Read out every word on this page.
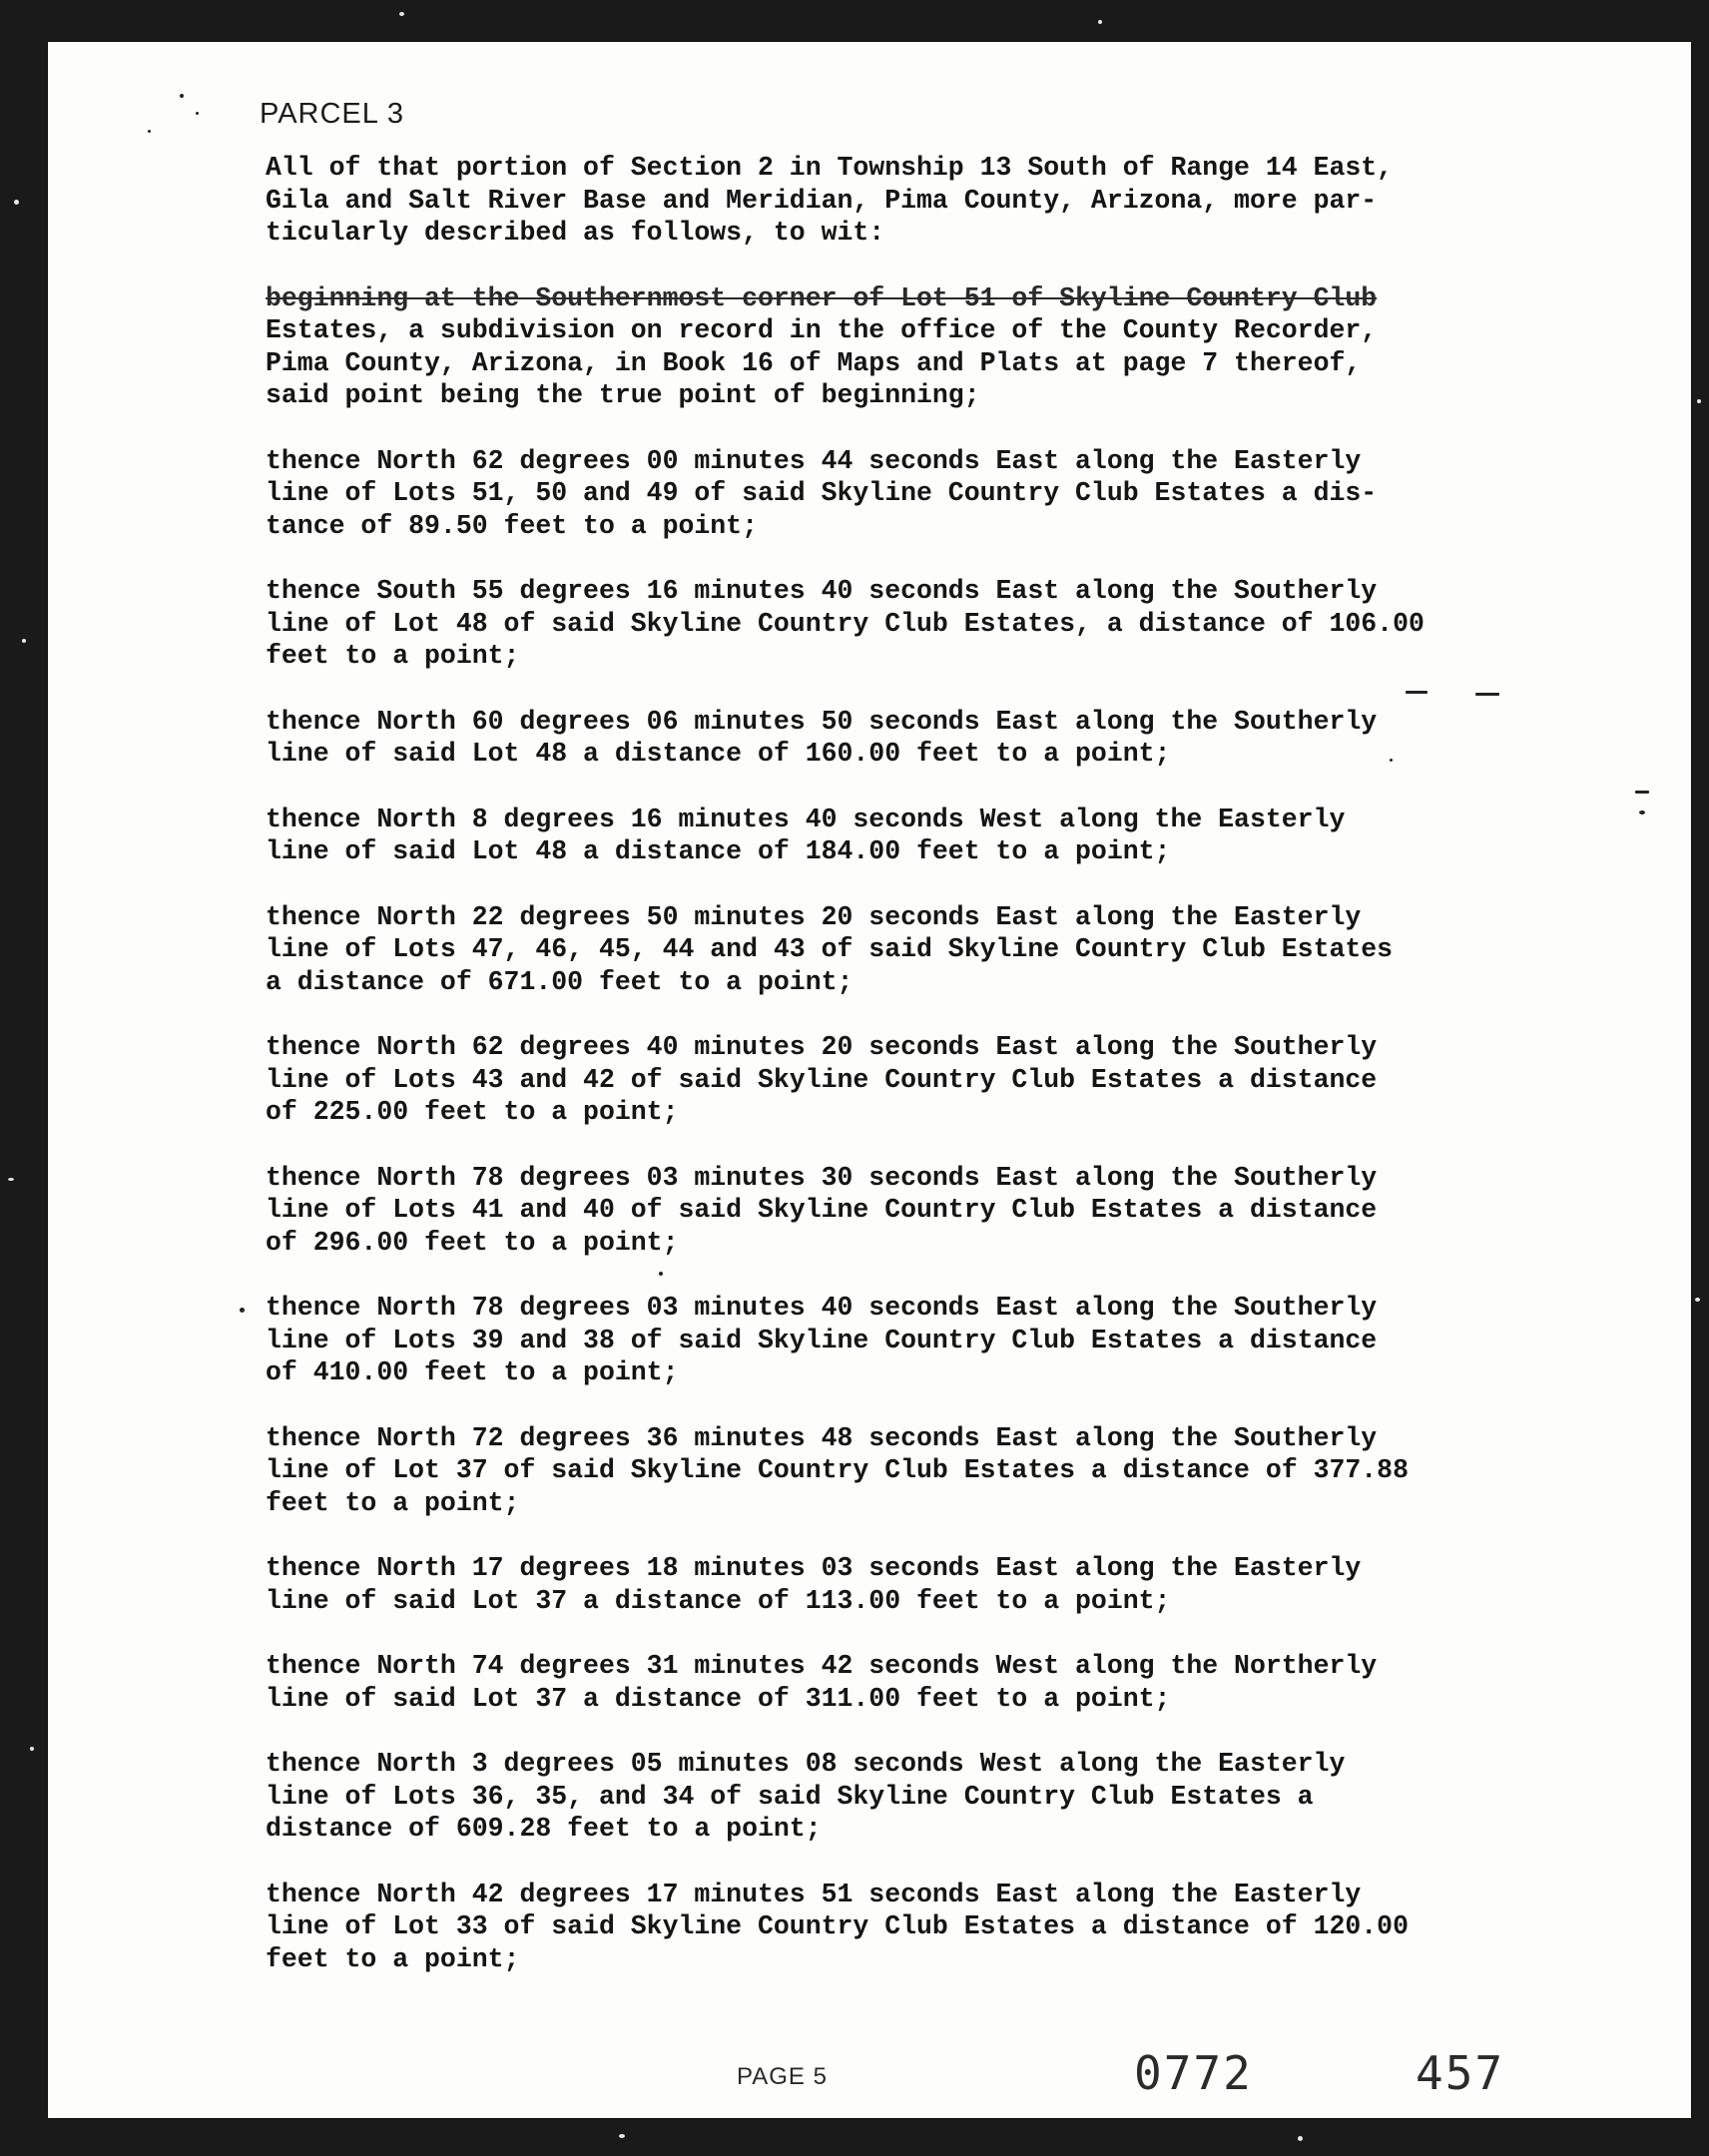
PARCEL 3

All of that portion of Section 2 in Township 13 South of Range 14 East,
Gila and Salt River Base and Meridian, Pima County, Arizona, more par-
ticularly described as follows, to wit:

beginning at the Southernmost corner of Lot 51 of Skyline Country Club
Estates, a subdivision on record in the office of the County Recorder,
Pima County, Arizona, in Book 16 of Maps and Plats at page 7 thereof,
said point being the true point of beginning;

thence North 62 degrees 00 minutes 44 seconds East along the Easterly
line of Lots 51, 50 and 49 of said Skyline Country Club Estates a dis-
tance of 89.50 feet to a point;

thence South 55 degrees 16 minutes 40 seconds East along the Southerly
line of Lot 48 of said Skyline Country Club Estates, a distance of 106.00
feet to a point;

thence North 60 degrees 06 minutes 50 seconds East along the Southerly
line of said Lot 48 a distance of 160.00 feet to a point;

thence North 8 degrees 16 minutes 40 seconds West along the Easterly
line of said Lot 48 a distance of 184.00 feet to a point;

thence North 22 degrees 50 minutes 20 seconds East along the Easterly
line of Lots 47, 46, 45, 44 and 43 of said Skyline Country Club Estates
a distance of 671.00 feet to a point;

thence North 62 degrees 40 minutes 20 seconds East along the Southerly
line of Lots 43 and 42 of said Skyline Country Club Estates a distance
of 225.00 feet to a point;

thence North 78 degrees 03 minutes 30 seconds East along the Southerly
line of Lots 41 and 40 of said Skyline Country Club Estates a distance
of 296.00 feet to a point;

thence North 78 degrees 03 minutes 40 seconds East along the Southerly
line of Lots 39 and 38 of said Skyline Country Club Estates a distance
of 410.00 feet to a point;

thence North 72 degrees 36 minutes 48 seconds East along the Southerly
line of Lot 37 of said Skyline Country Club Estates a distance of 377.88
feet to a point;

thence North 17 degrees 18 minutes 03 seconds East along the Easterly
line of said Lot 37 a distance of 113.00 feet to a point;

thence North 74 degrees 31 minutes 42 seconds West along the Northerly
line of said Lot 37 a distance of 311.00 feet to a point;

thence North 3 degrees 05 minutes 08 seconds West along the Easterly
line of Lots 36, 35, and 34 of said Skyline Country Club Estates a
distance of 609.28 feet to a point;

thence North 42 degrees 17 minutes 51 seconds East along the Easterly
line of Lot 33 of said Skyline Country Club Estates a distance of 120.00
feet to a point;

PAGE 5	0772	457
